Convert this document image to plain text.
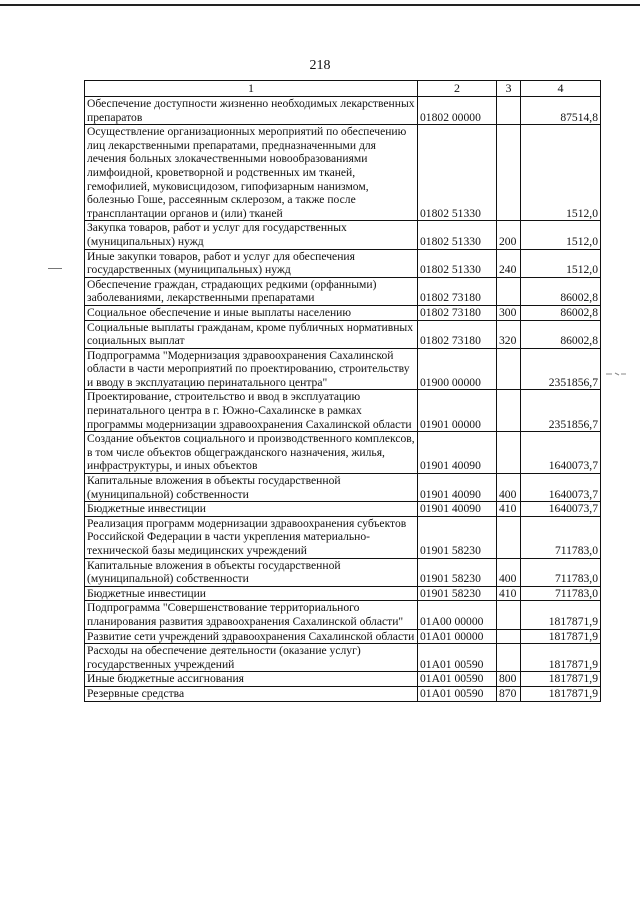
218
1	2	3	4
Обеспечение доступности жизненно необходимых лекарственных препаратов	01802 00000		87514,8
Осуществление организационных мероприятий по обеспечению лиц лекарственными препаратами, предназначенными для лечения больных злокачественными новообразованиями лимфоидной, кроветворной и родственных им тканей, гемофилией, муковисцидозом, гипофизарным нанизмом, болезнью Гоше, рассеянным склерозом, а также после трансплантации органов и (или) тканей	01802 51330		1512,0
Закупка товаров, работ и услуг для государственных (муниципальных) нужд	01802 51330	200	1512,0
Иные закупки товаров, работ и услуг для обеспечения государственных (муниципальных) нужд	01802 51330	240	1512,0
Обеспечение граждан, страдающих редкими (орфанными) заболеваниями, лекарственными препаратами	01802 73180		86002,8
Социальное обеспечение и иные выплаты населению	01802 73180	300	86002,8
Социальные выплаты гражданам, кроме публичных нормативных социальных выплат	01802 73180	320	86002,8
Подпрограмма "Модернизация здравоохранения Сахалинской области в части мероприятий по проектированию, строительству и вводу в эксплуатацию перинатального центра"	01900 00000		2351856,7
Проектирование, строительство и ввод в эксплуатацию перинатального центра в г. Южно-Сахалинске в рамках программы модернизации здравоохранения Сахалинской области	01901 00000		2351856,7
Создание объектов социального и производственного комплексов, в том числе объектов общегражданского назначения, жилья, инфраструктуры, и иных объектов	01901 40090		1640073,7
Капитальные вложения в объекты государственной (муниципальной) собственности	01901 40090	400	1640073,7
Бюджетные инвестиции	01901 40090	410	1640073,7
Реализация программ модернизации здравоохранения субъектов Российской Федерации в части укрепления материально-технической базы медицинских учреждений	01901 58230		711783,0
Капитальные вложения в объекты государственной (муниципальной) собственности	01901 58230	400	711783,0
Бюджетные инвестиции	01901 58230	410	711783,0
Подпрограмма "Совершенствование территориального планирования развития здравоохранения Сахалинской области"	01А00 00000		1817871,9
Развитие сети учреждений здравоохранения Сахалинской области	01А01 00000		1817871,9
Расходы на обеспечение деятельности (оказание услуг) государственных учреждений	01А01 00590		1817871,9
Иные бюджетные ассигнования	01А01 00590	800	1817871,9
Резервные средства	01А01 00590	870	1817871,9
